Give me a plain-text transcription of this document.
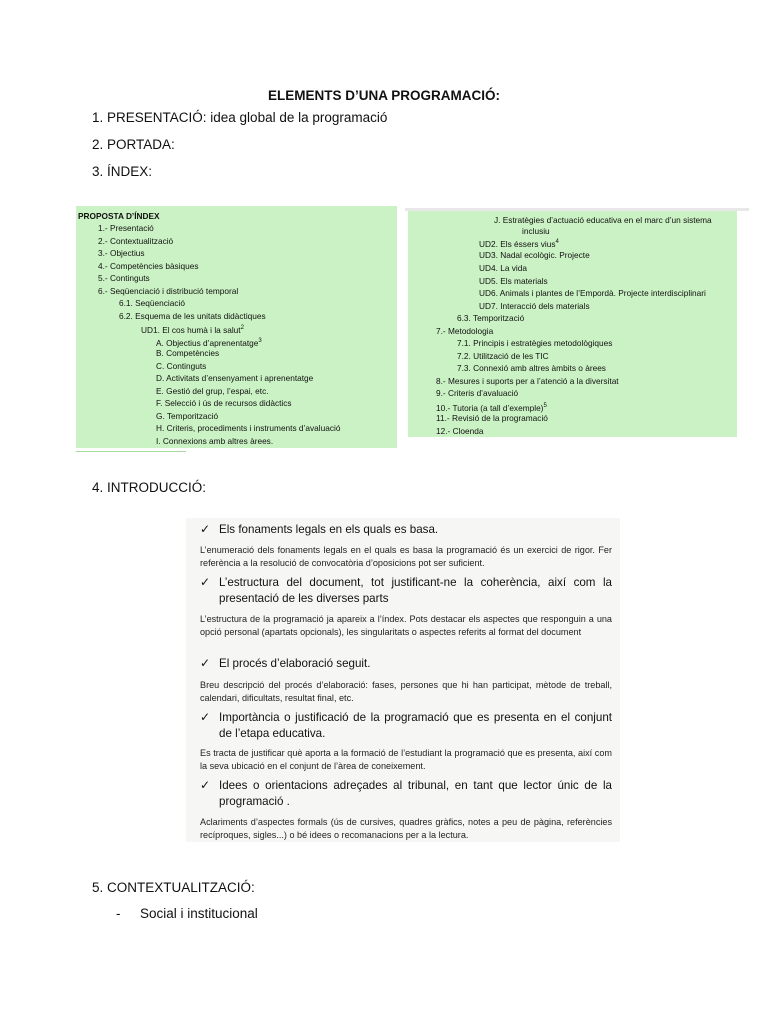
ELEMENTS D’UNA PROGRAMACIÓ:
1. PRESENTACIÓ: idea global de la programació
2. PORTADA:
3. ÍNDEX:
PROPOSTA D’ÍNDEX
1.- Presentació
2.- Contextualització
3.- Objectius
4.- Competències bàsiques
5.- Continguts
6.- Seqüenciació i distribució temporal
6.1. Seqüenciació
6.2. Esquema de les unitats didàctiques
UD1. El cos humà i la salut$^2$
A. Objectius d’aprenentatge$^3$
B. Competències
C. Continguts
D. Activitats d’ensenyament i aprenentatge
E. Gestió del grup, l’espai, etc.
F. Selecció i ús de recursos didàctics
G. Temporització
H. Criteris, procediments i instruments d’avaluació
I. Connexions amb altres àrees.
J. Estratègies d’actuació educativa en el marc d’un sistema
inclusiu
UD2. Els éssers vius$^4$
UD3. Nadal ecològic. Projecte
UD4. La vida
UD5. Els materials
UD6. Animals i plantes de l’Empordà. Projecte interdisciplinari
UD7. Interacció dels materials
6.3. Temporització
7.- Metodologia
7.1. Principis i estratègies metodològiques
7.2. Utilització de les TIC
7.3. Connexió amb altres àmbits o àrees
8.- Mesures i suports per a l’atenció a la diversitat
9.- Criteris d’avaluació
10.- Tutoria (a tall d’exemple)$^5$
11.- Revisió de la programació
12.- Cloenda
4. INTRODUCCIÓ:
✓ Els fonaments legals en els quals es basa.
L’enumeració dels fonaments legals en el quals es basa la programació és un exercici de rigor. Fer referència a la resolució de convocatòria d’oposicions pot ser suficient.
✓ L’estructura del document, tot justificant-ne la coherència, així com la presentació de les diverses parts
L’estructura de la programació ja apareix a l’índex. Pots destacar els aspectes que responguin a una opció personal (apartats opcionals), les singularitats o aspectes referits al format del document
✓ El procés d’elaboració seguit.
Breu descripció del procés d’elaboració: fases, persones que hi han participat, mètode de treball, calendari, dificultats, resultat final, etc.
✓ Importància o justificació de la programació que es presenta en el conjunt de l’etapa educativa.
Es tracta de justificar què aporta a la formació de l’estudiant la programació que es presenta, així com la seva ubicació en el conjunt de l’àrea de coneixement.
✓ Idees o orientacions adreçades al tribunal, en tant que lector únic de la programació .
Aclariments d’aspectes formals (ús de cursives, quadres gràfics, notes a peu de pàgina, referències recíproques, sigles...) o bé idees o recomanacions per a la lectura.
5. CONTEXTUALITZACIÓ:
- Social i institucional
